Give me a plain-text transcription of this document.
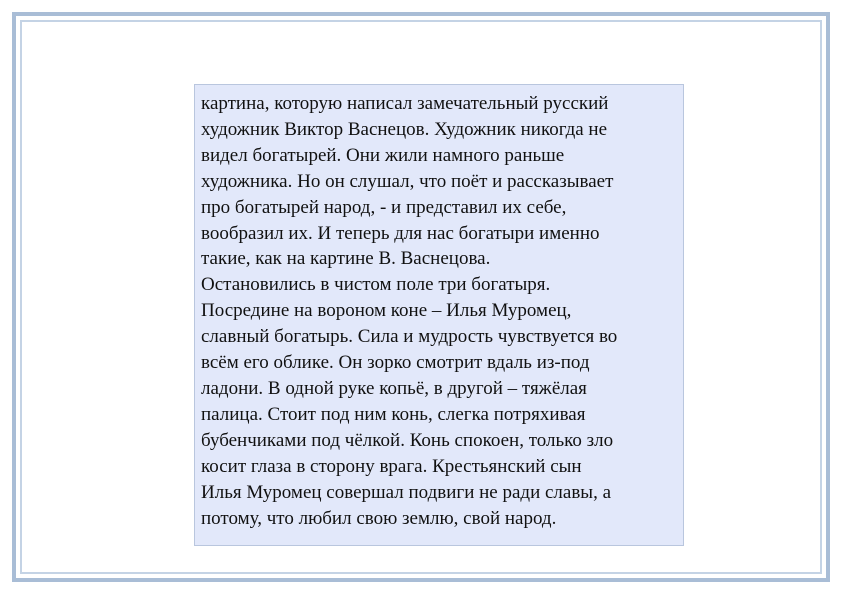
картина, которую написал замечательный русский
художник Виктор Васнецов. Художник никогда не
видел богатырей. Они жили намного раньше
художника. Но он слушал, что поёт и рассказывает
про богатырей народ, - и представил их себе,
вообразил их. И теперь для нас богатыри именно
такие, как на картине В. Васнецова.
Остановились в чистом поле три богатыря.
Посредине на вороном коне – Илья Муромец,
славный богатырь. Сила и мудрость чувствуется во
всём его облике. Он зорко смотрит вдаль из-под
ладони. В одной руке копьё, в другой – тяжёлая
палица. Стоит под ним конь, слегка потряхивая
бубенчиками под чёлкой. Конь спокоен, только зло
косит глаза в сторону врага. Крестьянский сын
Илья Муромец совершал подвиги не ради славы, а
потому, что любил свою землю, свой народ.
